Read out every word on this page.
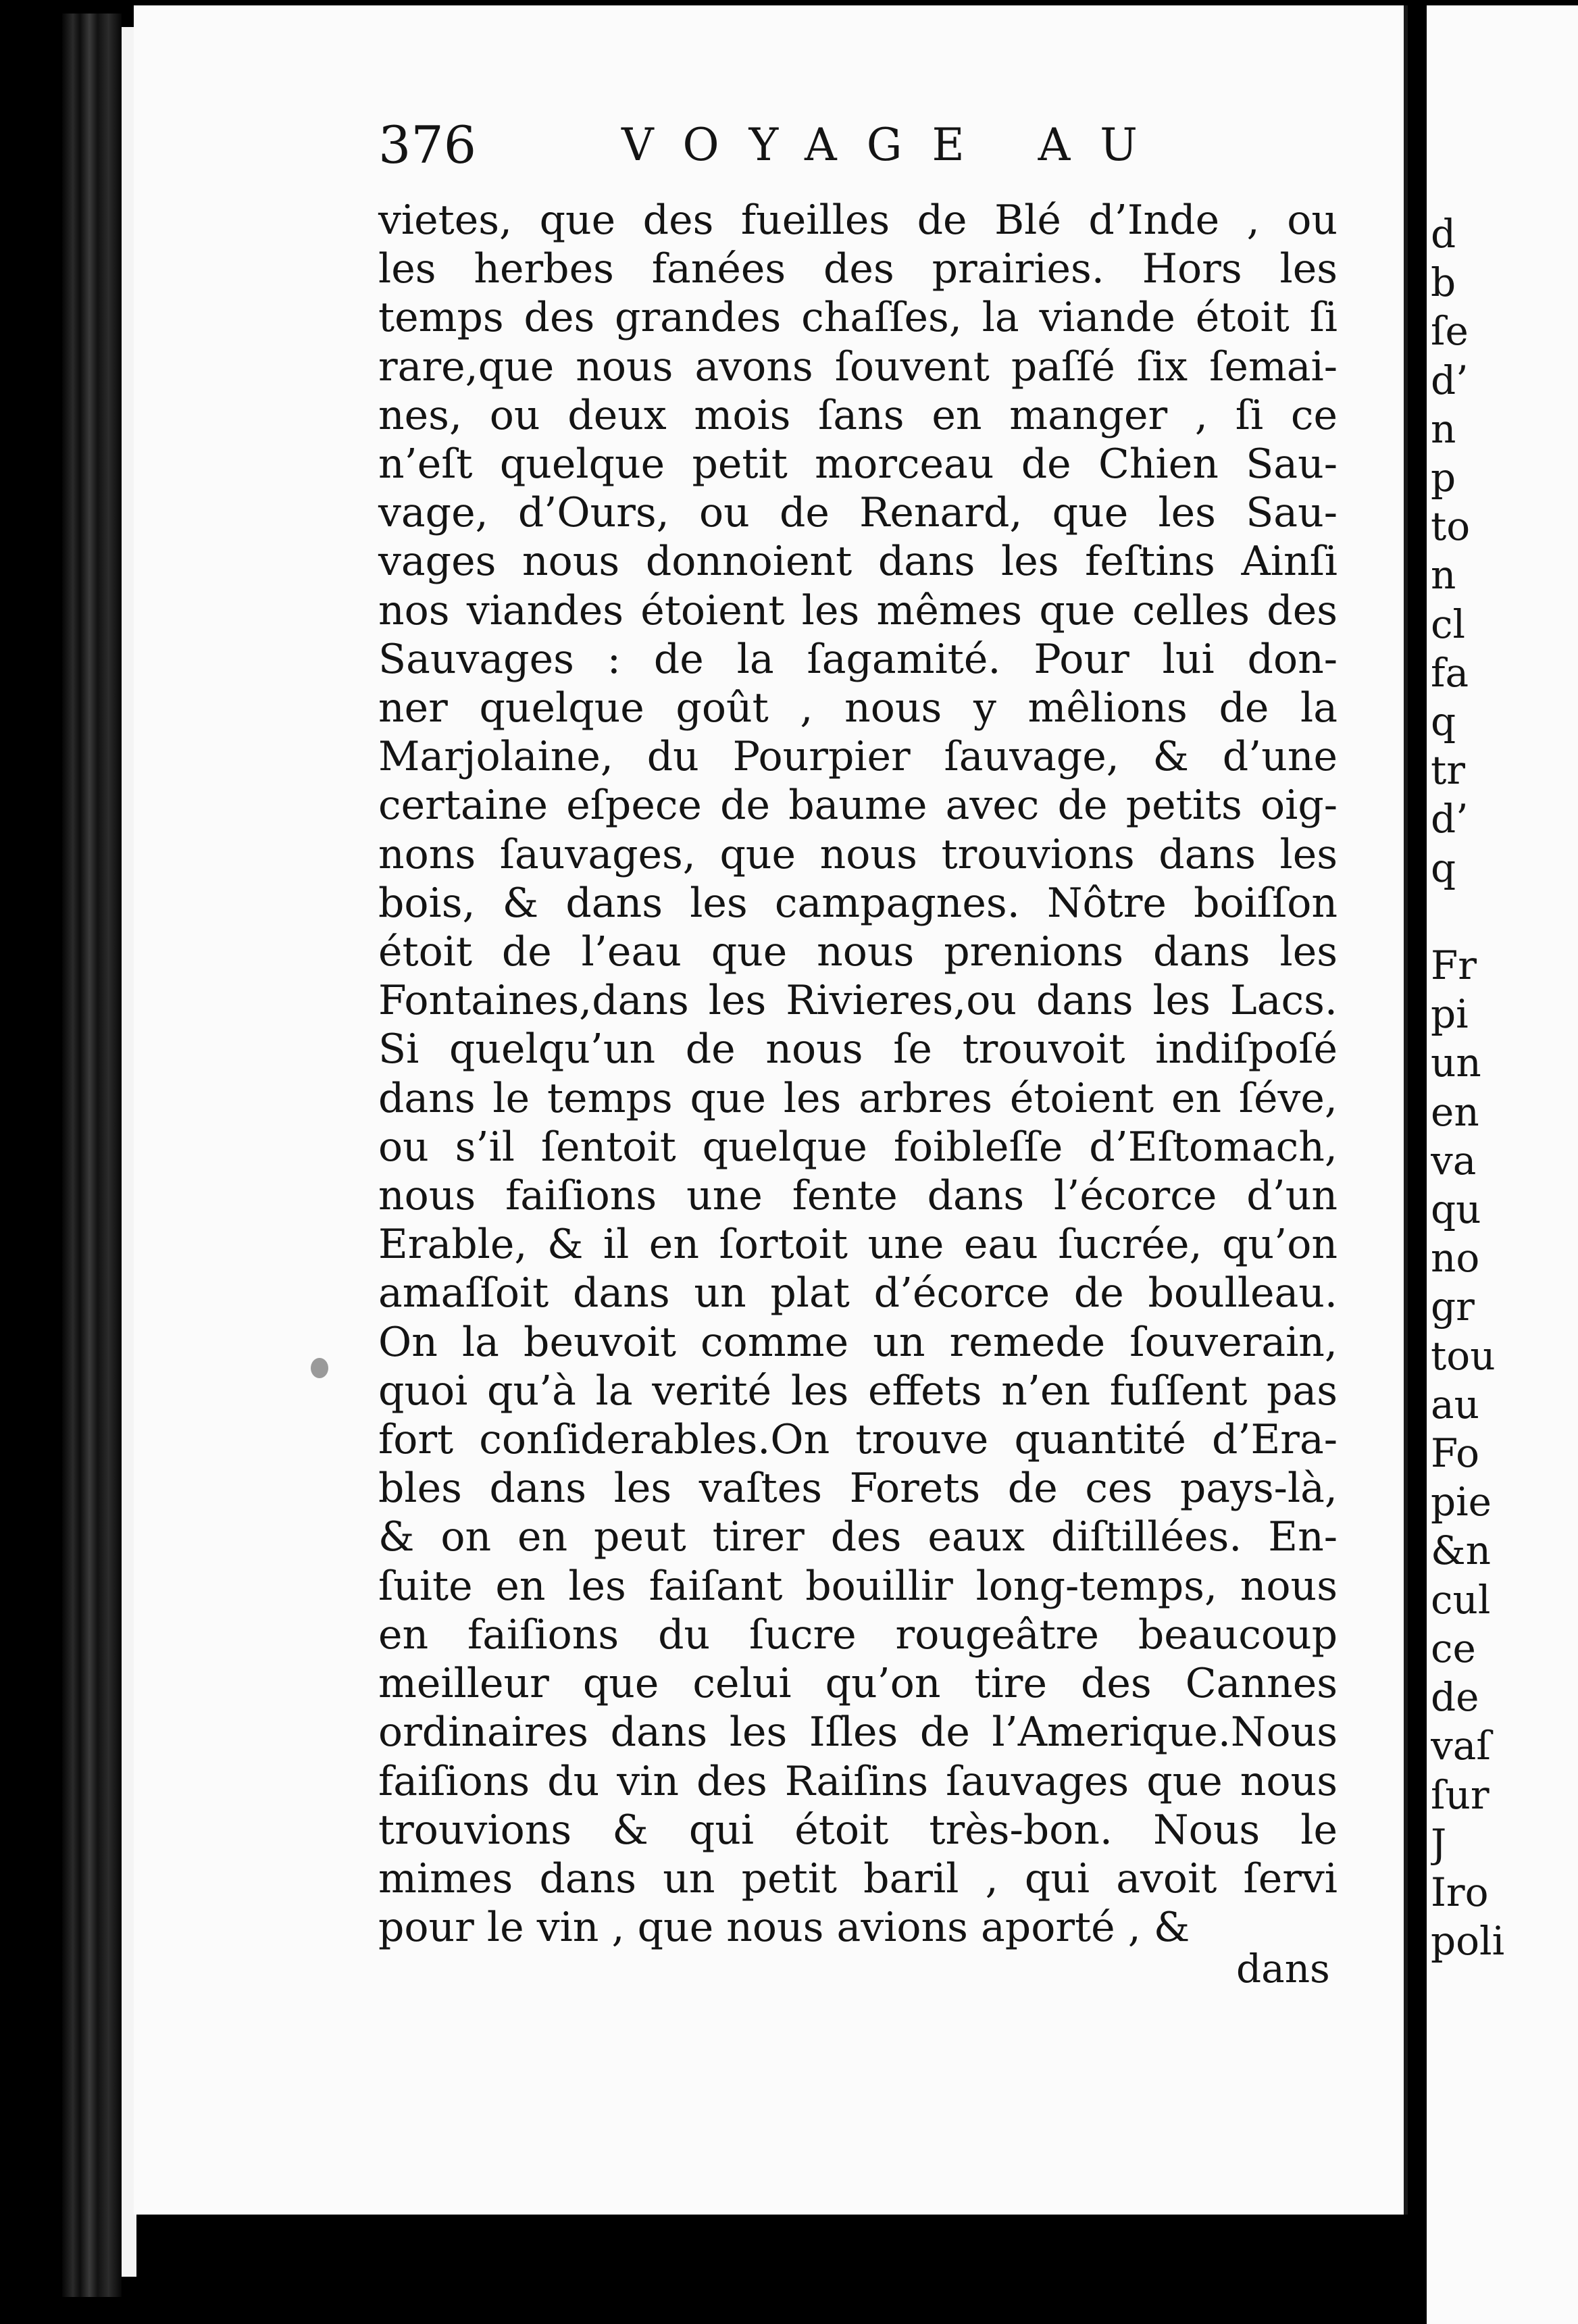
376	VOYAGE AU
vietes, que des fueilles de Blé d’Inde , ou
les herbes fanées des prairies. Hors les
temps des grandes chaſſes, la viande étoit ſi
rare,que nous avons ſouvent paſſé ſix ſemai-
nes, ou deux mois ſans en manger , ſi ce
n’eſt quelque petit morceau de Chien Sau-
vage, d’Ours, ou de Renard, que les Sau-
vages nous donnoient dans les feſtins Ainſi
nos viandes étoient les mêmes que celles des
Sauvages : de la ſagamité. Pour lui don-
ner quelque goût , nous y mêlions de la
Marjolaine, du Pourpier ſauvage, & d’une
certaine eſpece de baume avec de petits oig-
nons ſauvages, que nous trouvions dans les
bois, & dans les campagnes. Nôtre boiſſon
étoit de l’eau que nous prenions dans les
Fontaines,dans les Rivieres,ou dans les Lacs.
Si quelqu’un de nous ſe trouvoit indiſpoſé
dans le temps que les arbres étoient en ſéve,
ou s’il ſentoit quelque foibleſſe d’Eſtomach,
nous faiſions une fente dans l’écorce d’un
Erable, & il en ſortoit une eau ſucrée, qu’on
amaſſoit dans un plat d’écorce de boulleau.
On la beuvoit comme un remede ſouverain,
quoi qu’à la verité les effets n’en fuſſent pas
fort conſiderables.On trouve quantité d’Era-
bles dans les vaſtes Forets de ces pays-là,
& on en peut tirer des eaux diſtillées. En-
ſuite en les faiſant bouillir long-temps, nous
en faiſions du ſucre rougeâtre beaucoup
meilleur que celui qu’on tire des Cannes
ordinaires dans les Iſles de l’Amerique.Nous
faiſions du vin des Raiſins ſauvages que nous
trouvions & qui étoit très-bon. Nous le
mimes dans un petit baril , qui avoit ſervi
pour le vin , que nous avions aporté , &
dans
d
b
ſe
d’
n
p
to
n
cl
fa
q
tr
d’
q

Fr
pi
un
en
va
qu
no
gr
tou
au
Fo
pie
&n
cul
ce
de
vaſ
ſur
J
Iro
poli
